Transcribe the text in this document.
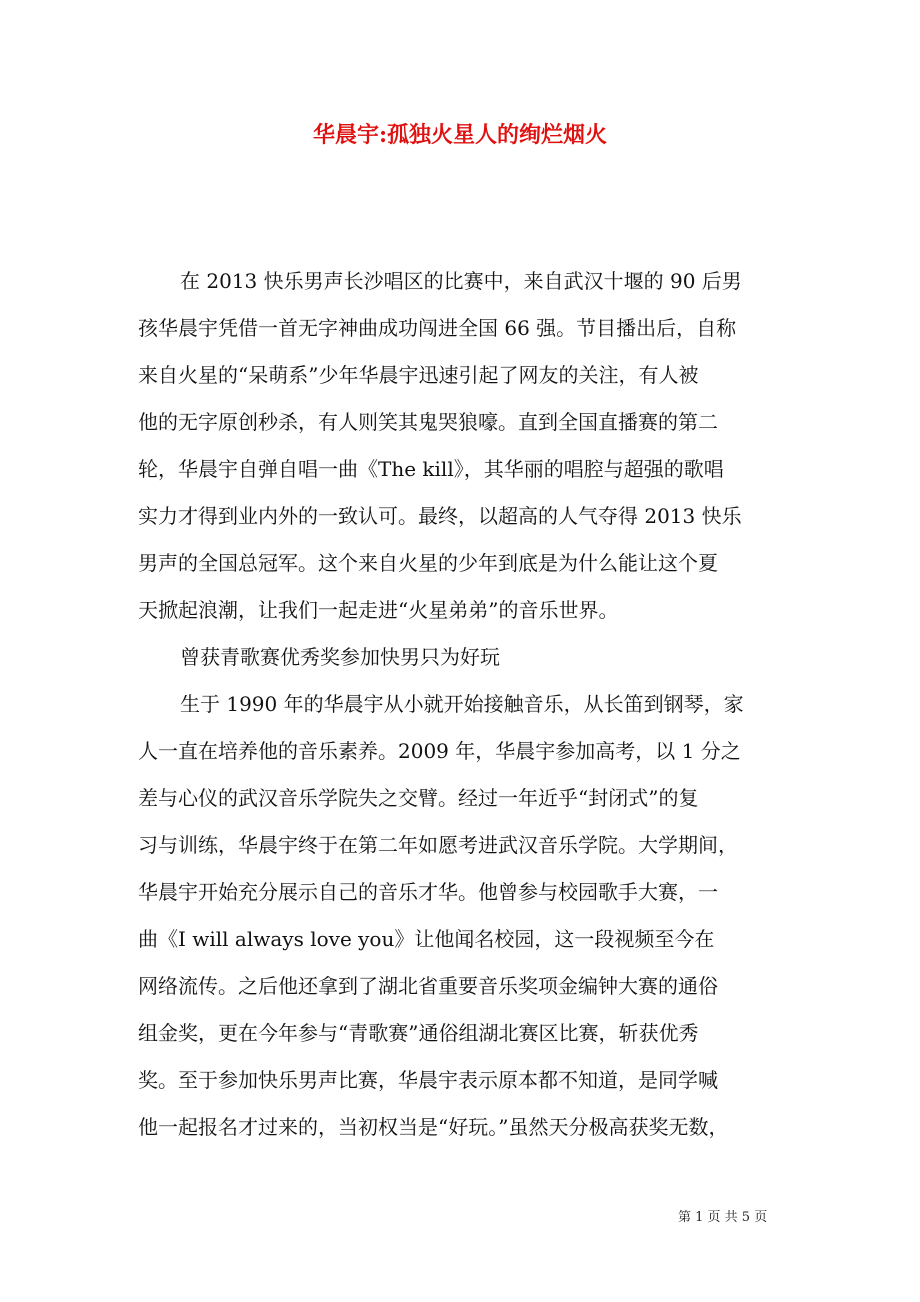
华晨宇:孤独火星人的绚烂烟火
在 2013 快乐男声长沙唱区的比赛中，来自武汉十堰的 90 后男
孩华晨宇凭借一首无字神曲成功闯进全国 66 强。节目播出后，自称
来自火星的“呆萌系”少年华晨宇迅速引起了网友的关注，有人被
他的无字原创秒杀，有人则笑其鬼哭狼嚎。直到全国直播赛的第二
轮，华晨宇自弹自唱一曲《The kill》，其华丽的唱腔与超强的歌唱
实力才得到业内外的一致认可。最终，以超高的人气夺得 2013 快乐
男声的全国总冠军。这个来自火星的少年到底是为什么能让这个夏
天掀起浪潮，让我们一起走进“火星弟弟”的音乐世界。
曾获青歌赛优秀奖参加快男只为好玩
生于 1990 年的华晨宇从小就开始接触音乐，从长笛到钢琴，家
人一直在培养他的音乐素养。2009 年，华晨宇参加高考，以 1 分之
差与心仪的武汉音乐学院失之交臂。经过一年近乎“封闭式”的复
习与训练，华晨宇终于在第二年如愿考进武汉音乐学院。大学期间，
华晨宇开始充分展示自己的音乐才华。他曾参与校园歌手大赛，一
曲《I will always love you》让他闻名校园，这一段视频至今在
网络流传。之后他还拿到了湖北省重要音乐奖项金编钟大赛的通俗
组金奖，更在今年参与“青歌赛”通俗组湖北赛区比赛，斩获优秀
奖。至于参加快乐男声比赛，华晨宇表示原本都不知道，是同学喊
他一起报名才过来的，当初权当是“好玩。”虽然天分极高获奖无数，
第 1 页 共 5 页
